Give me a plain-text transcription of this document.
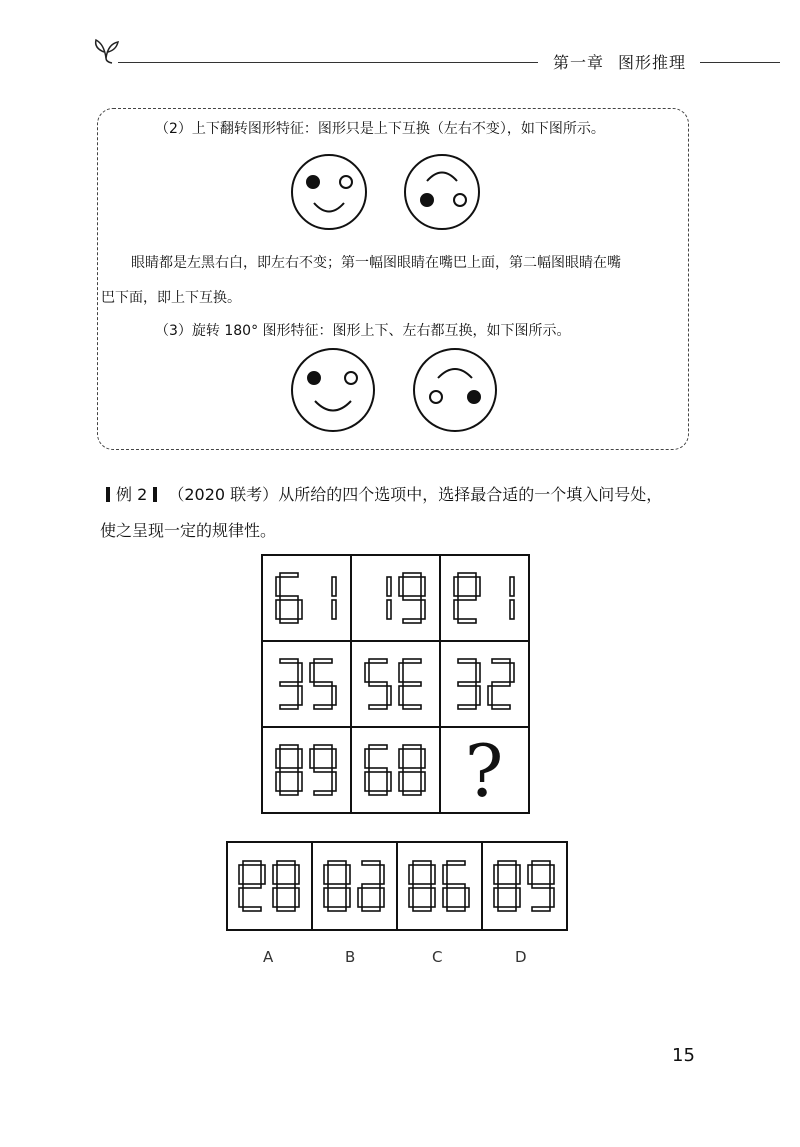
?
第一章 图形推理
（2）上下翻转图形特征：图形只是上下互换（左右不变），如下图所示。
眼睛都是左黑右白，即左右不变；第一幅图眼睛在嘴巴上面，第二幅图眼睛在嘴
巴下面，即上下互换。
（3）旋转 180° 图形特征：图形上下、左右都互换，如下图所示。
例 2 （2020 联考）从所给的四个选项中，选择最合适的一个填入问号处，
使之呈现一定的规律性。
A	B	C	D
15
